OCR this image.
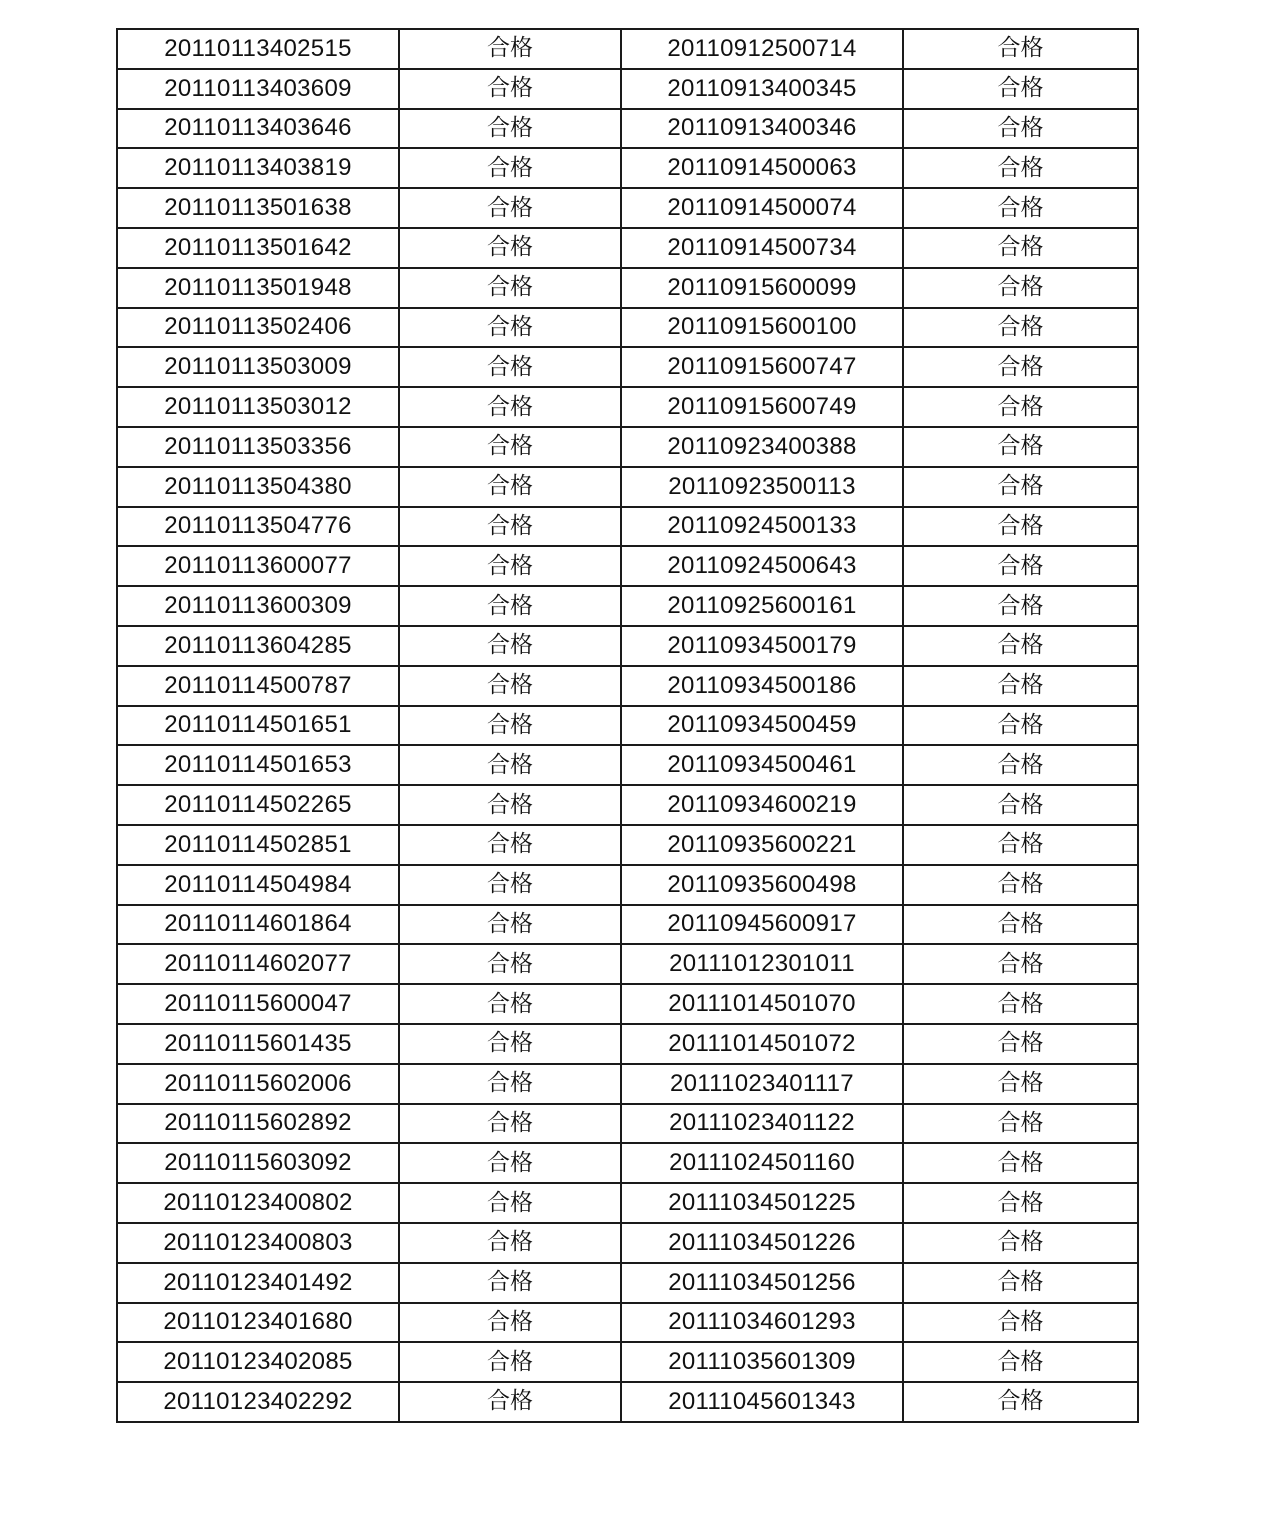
20110113402515	合格	20110912500714	合格
20110113403609	合格	20110913400345	合格
20110113403646	合格	20110913400346	合格
20110113403819	合格	20110914500063	合格
20110113501638	合格	20110914500074	合格
20110113501642	合格	20110914500734	合格
20110113501948	合格	20110915600099	合格
20110113502406	合格	20110915600100	合格
20110113503009	合格	20110915600747	合格
20110113503012	合格	20110915600749	合格
20110113503356	合格	20110923400388	合格
20110113504380	合格	20110923500113	合格
20110113504776	合格	20110924500133	合格
20110113600077	合格	20110924500643	合格
20110113600309	合格	20110925600161	合格
20110113604285	合格	20110934500179	合格
20110114500787	合格	20110934500186	合格
20110114501651	合格	20110934500459	合格
20110114501653	合格	20110934500461	合格
20110114502265	合格	20110934600219	合格
20110114502851	合格	20110935600221	合格
20110114504984	合格	20110935600498	合格
20110114601864	合格	20110945600917	合格
20110114602077	合格	20111012301011	合格
20110115600047	合格	20111014501070	合格
20110115601435	合格	20111014501072	合格
20110115602006	合格	20111023401117	合格
20110115602892	合格	20111023401122	合格
20110115603092	合格	20111024501160	合格
20110123400802	合格	20111034501225	合格
20110123400803	合格	20111034501226	合格
20110123401492	合格	20111034501256	合格
20110123401680	合格	20111034601293	合格
20110123402085	合格	20111035601309	合格
20110123402292	合格	20111045601343	合格
